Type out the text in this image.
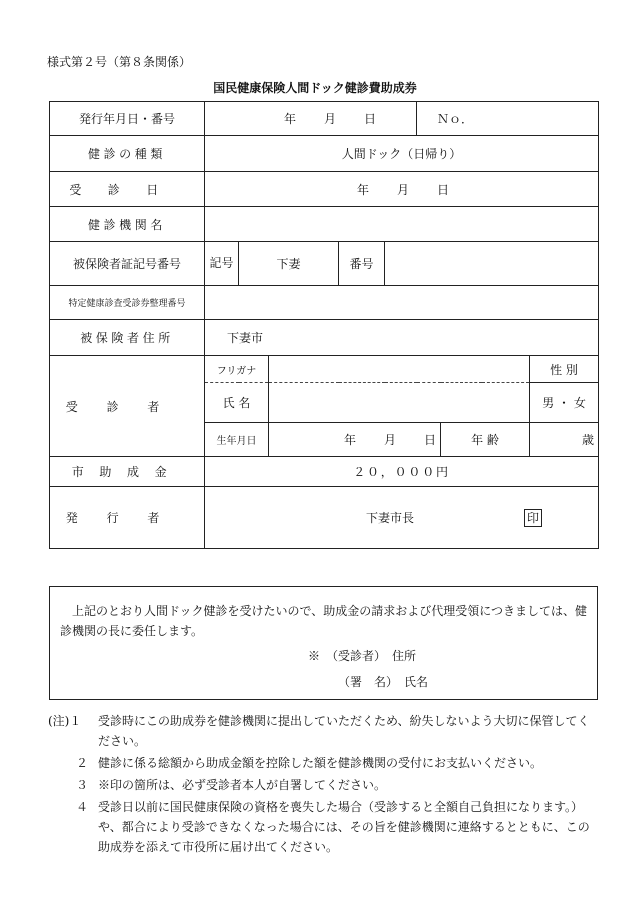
様式第２号（第８条関係）
国民健康保険人間ドック健診費助成券
発行年月日・番号	年 月 日					Ｎｏ．		
健診の種類	人間ドック（日帰り）							
受診日	年 月 日							
健診機関名								
被保険者証記号番号	記号	下妻		番号				
特定健康診査受診券整理番号								
被保険者住所	下妻市							
受診者	フリガナ							性 別
	氏 名							男 ・ 女
	生年月日		年 月 日				年 齢	歳
市助成金	２０，０００円							
発行者	下妻市長 印							
上記のとおり人間ドック健診を受けたいので、助成金の請求および代理受領につきましては、健診機関の長に委任します。
※　（受診者）　住所
（署　名）　氏名
(注)１	受診時にこの助成券を健診機関に提出していただくため、紛失しないよう大切に保管してください。
２ 健診に係る総額から助成金額を控除した額を健診機関の受付にお支払いください。
３ ※印の箇所は、必ず受診者本人が自署してください。
４ 受診日以前に国民健康保険の資格を喪失した場合（受診すると全額自己負担になります。）や、都合により受診できなくなった場合には、その旨を健診機関に連絡するとともに、この助成券を添えて市役所に届け出てください。
